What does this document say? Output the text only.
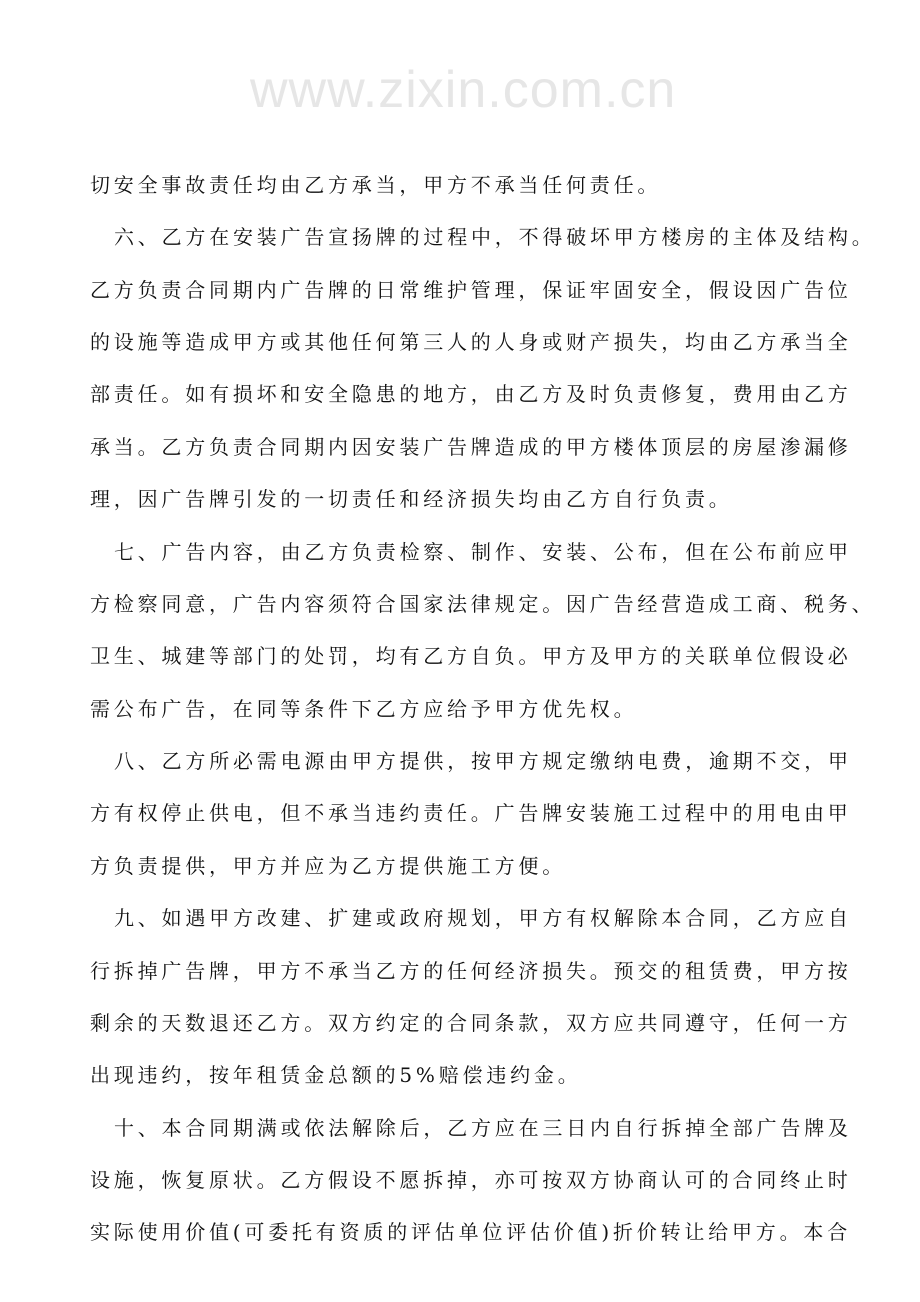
www.zixin.com.cn
切安全事故责任均由乙方承当，甲方不承当任何责任。
六、乙方在安装广告宣扬牌的过程中，不得破坏甲方楼房的主体及结构。
乙方负责合同期内广告牌的日常维护管理，保证牢固安全，假设因广告位
的设施等造成甲方或其他任何第三人的人身或财产损失，均由乙方承当全
部责任。如有损坏和安全隐患的地方，由乙方及时负责修复，费用由乙方
承当。乙方负责合同期内因安装广告牌造成的甲方楼体顶层的房屋渗漏修
理，因广告牌引发的一切责任和经济损失均由乙方自行负责。
七、广告内容，由乙方负责检察、制作、安装、公布，但在公布前应甲
方检察同意，广告内容须符合国家法律规定。因广告经营造成工商、税务、
卫生、城建等部门的处罚，均有乙方自负。甲方及甲方的关联单位假设必
需公布广告，在同等条件下乙方应给予甲方优先权。
八、乙方所必需电源由甲方提供，按甲方规定缴纳电费，逾期不交，甲
方有权停止供电，但不承当违约责任。广告牌安装施工过程中的用电由甲
方负责提供，甲方并应为乙方提供施工方便。
九、如遇甲方改建、扩建或政府规划，甲方有权解除本合同，乙方应自
行拆掉广告牌，甲方不承当乙方的任何经济损失。预交的租赁费，甲方按
剩余的天数退还乙方。双方约定的合同条款，双方应共同遵守，任何一方
出现违约，按年租赁金总额的5%赔偿违约金。
十、本合同期满或依法解除后，乙方应在三日内自行拆掉全部广告牌及
设施，恢复原状。乙方假设不愿拆掉，亦可按双方协商认可的合同终止时
实际使用价值(可委托有资质的评估单位评估价值)折价转让给甲方。本合
